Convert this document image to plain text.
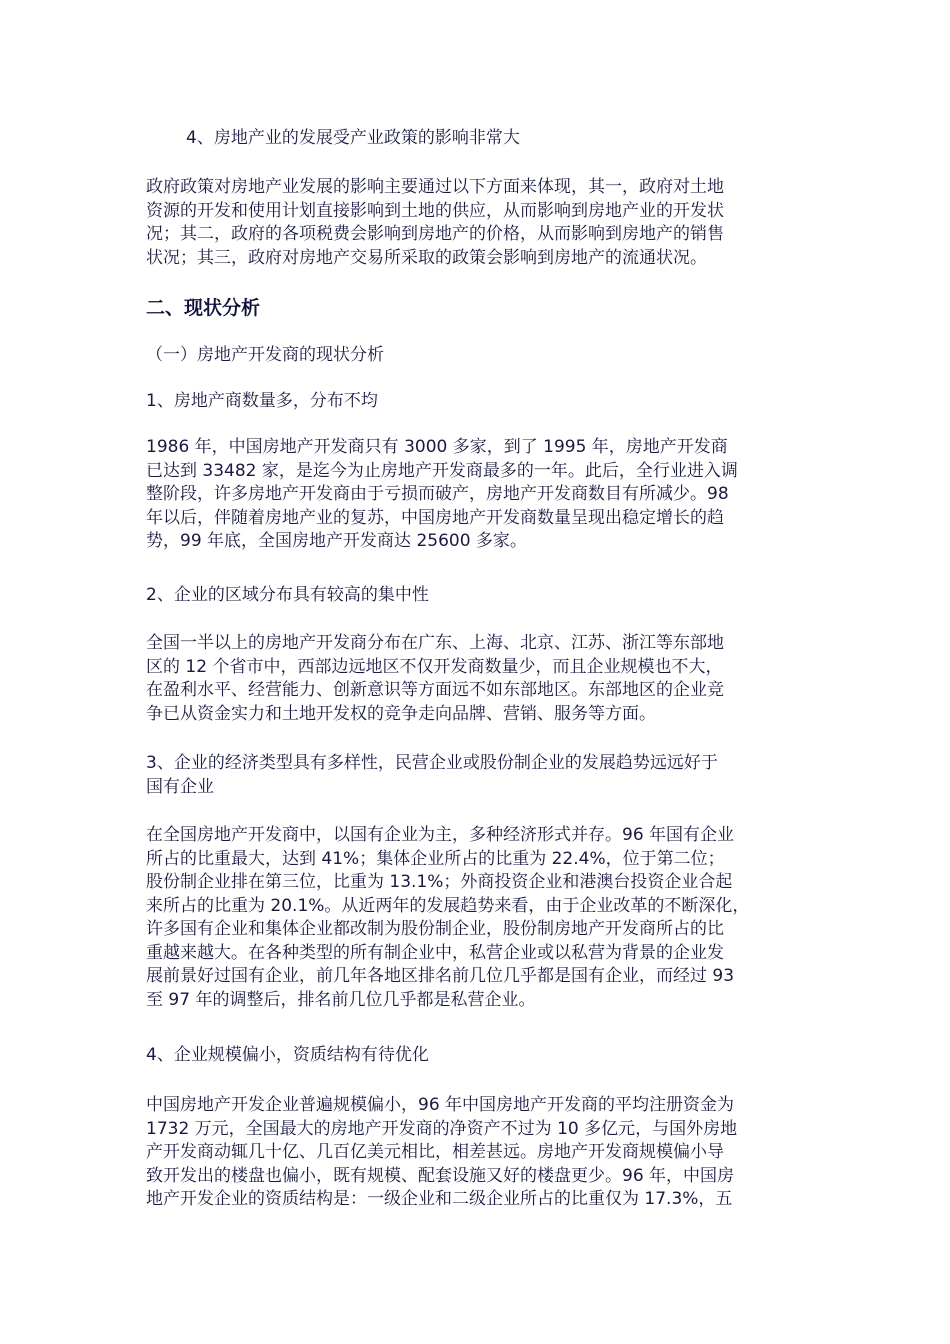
4、房地产业的发展受产业政策的影响非常大

政府政策对房地产业发展的影响主要通过以下方面来体现，其一，政府对土地
资源的开发和使用计划直接影响到土地的供应，从而影响到房地产业的开发状
况；其二，政府的各项税费会影响到房地产的价格，从而影响到房地产的销售
状况；其三，政府对房地产交易所采取的政策会影响到房地产的流通状况。

二、现状分析

（一）房地产开发商的现状分析

1、房地产商数量多，分布不均

1986 年，中国房地产开发商只有 3000 多家，到了 1995 年，房地产开发商
已达到 33482 家，是迄今为止房地产开发商最多的一年。此后，全行业进入调
整阶段，许多房地产开发商由于亏损而破产，房地产开发商数目有所减少。98
年以后，伴随着房地产业的复苏，中国房地产开发商数量呈现出稳定增长的趋
势，99 年底，全国房地产开发商达 25600 多家。

2、企业的区域分布具有较高的集中性

全国一半以上的房地产开发商分布在广东、上海、北京、江苏、浙江等东部地
区的 12 个省市中，西部边远地区不仅开发商数量少，而且企业规模也不大，
在盈利水平、经营能力、创新意识等方面远不如东部地区。东部地区的企业竞
争已从资金实力和土地开发权的竞争走向品牌、营销、服务等方面。

3、企业的经济类型具有多样性，民营企业或股份制企业的发展趋势远远好于
国有企业

在全国房地产开发商中，以国有企业为主，多种经济形式并存。96 年国有企业
所占的比重最大，达到 41%；集体企业所占的比重为 22.4%，位于第二位；
股份制企业排在第三位，比重为 13.1%；外商投资企业和港澳台投资企业合起
来所占的比重为 20.1%。从近两年的发展趋势来看，由于企业改革的不断深化，
许多国有企业和集体企业都改制为股份制企业，股份制房地产开发商所占的比
重越来越大。在各种类型的所有制企业中，私营企业或以私营为背景的企业发
展前景好过国有企业，前几年各地区排名前几位几乎都是国有企业，而经过 93
至 97 年的调整后，排名前几位几乎都是私营企业。

4、企业规模偏小，资质结构有待优化

中国房地产开发企业普遍规模偏小，96 年中国房地产开发商的平均注册资金为
1732 万元，全国最大的房地产开发商的净资产不过为 10 多亿元，与国外房地
产开发商动辄几十亿、几百亿美元相比，相差甚远。房地产开发商规模偏小导
致开发出的楼盘也偏小，既有规模、配套设施又好的楼盘更少。96 年，中国房
地产开发企业的资质结构是：一级企业和二级企业所占的比重仅为 17.3%，五
